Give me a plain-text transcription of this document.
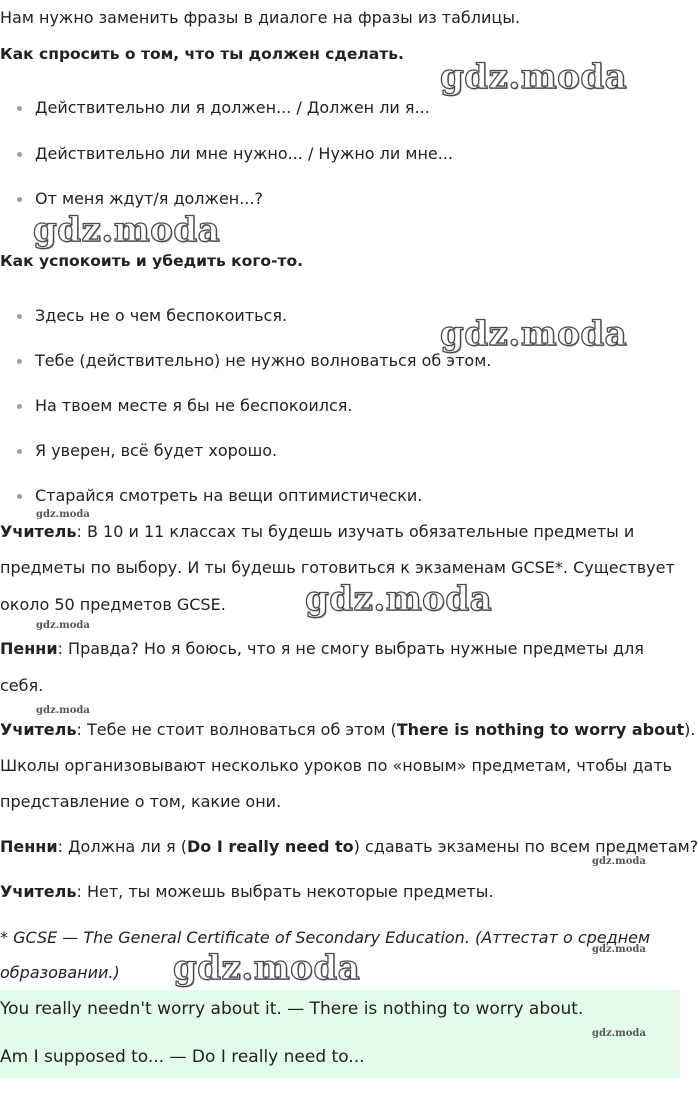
Нам нужно заменить фразы в диалоге на фразы из таблицы.
Как спросить о том, что ты должен сделать.
Действительно ли я должен... / Должен ли я...
Действительно ли мне нужно... / Нужно ли мне...
От меня ждут/я должен...?
Как успокоить и убедить кого-то.
Здесь не о чем беспокоиться.
Тебе (действительно) не нужно волноваться об этом.
На твоем месте я бы не беспокоился.
Я уверен, всё будет хорошо.
Старайся смотреть на вещи оптимистически.
Учитель: В 10 и 11 классах ты будешь изучать обязательные предметы и
предметы по выбору. И ты будешь готовиться к экзаменам GCSE*. Существует
около 50 предметов GCSE.
Пенни: Правда? Но я боюсь, что я не смогу выбрать нужные предметы для
себя.
Учитель: Тебе не стоит волноваться об этом (There is nothing to worry about).
Школы организовывают несколько уроков по «новым» предметам, чтобы дать
представление о том, какие они.
Пенни: Должна ли я (Do I really need to) сдавать экзамены по всем предметам?
Учитель: Нет, ты можешь выбрать некоторые предметы.
* GCSE — The General Certificate of Secondary Education. (Аттестат о среднем
образовании.)
You really needn't worry about it. — There is nothing to worry about.
Am I supposed to... — Do I really need to...
gdz.moda
gdz.moda
gdz.moda
gdz.moda
gdz.moda
gdz.moda
gdz.moda
gdz.moda
gdz.moda
gdz.moda
gdz.moda
